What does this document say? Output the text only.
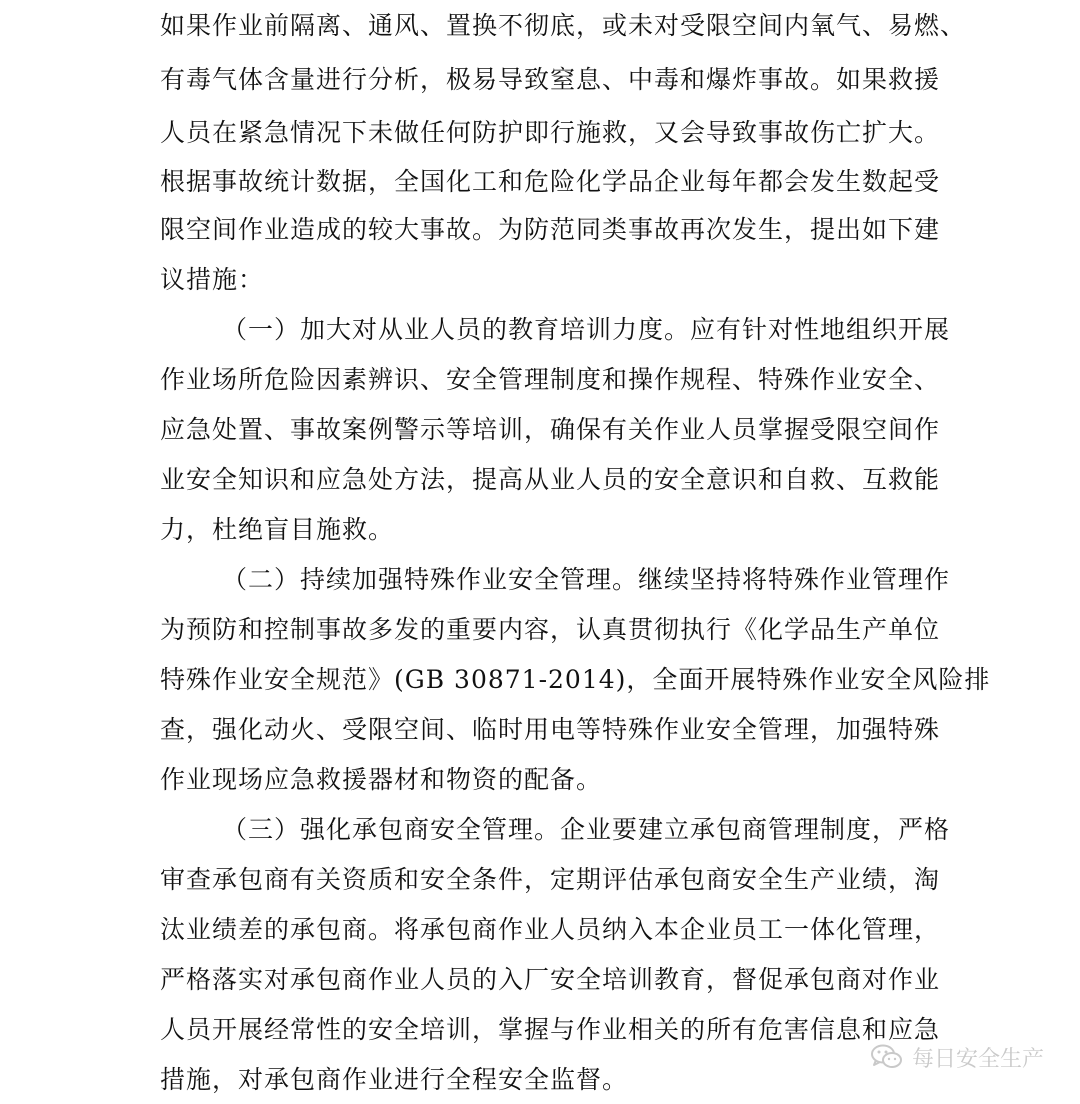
如果作业前隔离、通风、置换不彻底，或未对受限空间内氧气、易燃、
有毒气体含量进行分析，极易导致窒息、中毒和爆炸事故。如果救援
人员在紧急情况下未做任何防护即行施救，又会导致事故伤亡扩大。
根据事故统计数据，全国化工和危险化学品企业每年都会发生数起受
限空间作业造成的较大事故。为防范同类事故再次发生，提出如下建
议措施：
（一）加大对从业人员的教育培训力度。应有针对性地组织开展
作业场所危险因素辨识、安全管理制度和操作规程、特殊作业安全、
应急处置、事故案例警示等培训，确保有关作业人员掌握受限空间作
业安全知识和应急处方法，提高从业人员的安全意识和自救、互救能
力，杜绝盲目施救。
（二）持续加强特殊作业安全管理。继续坚持将特殊作业管理作
为预防和控制事故多发的重要内容，认真贯彻执行《化学品生产单位
特殊作业安全规范》(GB 30871-2014)，全面开展特殊作业安全风险排
查，强化动火、受限空间、临时用电等特殊作业安全管理，加强特殊
作业现场应急救援器材和物资的配备。
（三）强化承包商安全管理。企业要建立承包商管理制度，严格
审查承包商有关资质和安全条件，定期评估承包商安全生产业绩，淘
汰业绩差的承包商。将承包商作业人员纳入本企业员工一体化管理，
严格落实对承包商作业人员的入厂安全培训教育，督促承包商对作业
人员开展经常性的安全培训，掌握与作业相关的所有危害信息和应急
措施，对承包商作业进行全程安全监督。
每日安全生产
